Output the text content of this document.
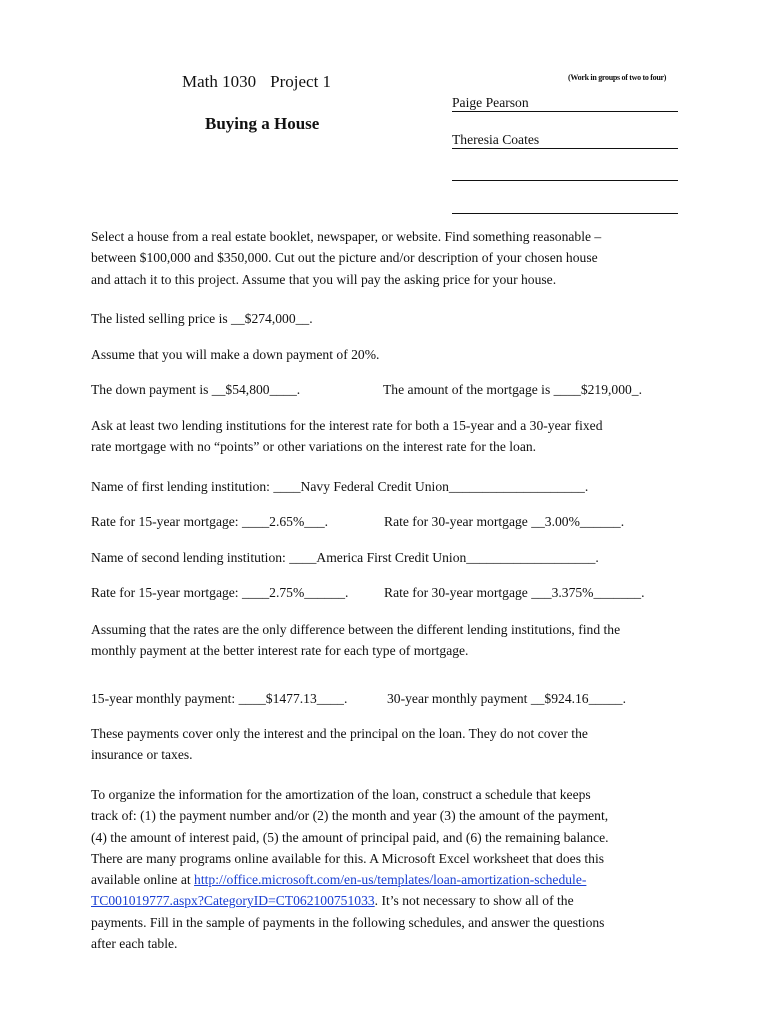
Math 1030 Project 1	(Work in groups of two to four)
Buying a House
Paige Pearson
Theresia Coates
Select a house from a real estate booklet, newspaper, or website. Find something reasonable –
between $100,000 and $350,000. Cut out the picture and/or description of your chosen house
and attach it to this project. Assume that you will pay the asking price for your house.
The listed selling price is __$274,000__.
Assume that you will make a down payment of 20%.
The down payment is __$54,800____.	The amount of the mortgage is ____$219,000_.
Ask at least two lending institutions for the interest rate for both a 15-year and a 30-year fixed
rate mortgage with no “points” or other variations on the interest rate for the loan.
Name of first lending institution: ____Navy Federal Credit Union____________________.
Rate for 15-year mortgage: ____2.65%___.	Rate for 30-year mortgage __3.00%______.
Name of second lending institution: ____America First Credit Union___________________.
Rate for 15-year mortgage: ____2.75%______.	Rate for 30-year mortgage ___3.375%_______.
Assuming that the rates are the only difference between the different lending institutions, find the
monthly payment at the better interest rate for each type of mortgage.
15-year monthly payment: ____$1477.13____.	30-year monthly payment __$924.16_____.
These payments cover only the interest and the principal on the loan. They do not cover the
insurance or taxes.
To organize the information for the amortization of the loan, construct a schedule that keeps
track of: (1) the payment number and/or (2) the month and year (3) the amount of the payment,
(4) the amount of interest paid, (5) the amount of principal paid, and (6) the remaining balance.
There are many programs online available for this. A Microsoft Excel worksheet that does this
available online at http://office.microsoft.com/en-us/templates/loan-amortization-schedule-
TC001019777.aspx?CategoryID=CT062100751033. It’s not necessary to show all of the
payments. Fill in the sample of payments in the following schedules, and answer the questions
after each table.
